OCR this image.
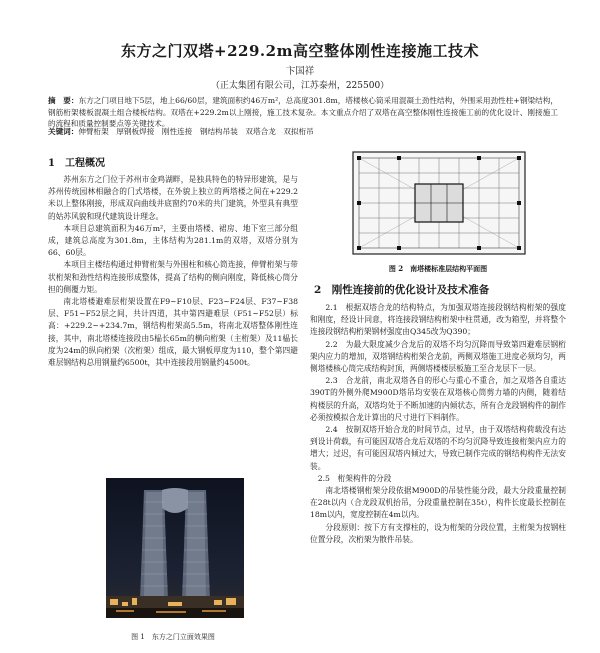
东方之门双塔+229.2m高空整体刚性连接施工技术
卞国祥
（正太集团有限公司，江苏泰州，225500）
摘　要：东方之门项目地下5层，地上66/60层，建筑面积约46万m²，总高度301.8m，塔楼核心筒采用混凝土劲性结构，外围采用劲性柱+钢梁结构，钢筋桁架楼板混凝土组合楼板结构。双塔在+229.2m以上刚接，施工技术复杂。本文重点介绍了双塔在高空整体刚性连接施工前的优化设计、刚接施工的流程和质量控制要点等关键技术。
关键词：伸臂桁架　厚钢板焊接　刚性连接　钢结构吊装　双塔合龙　双拟桁吊
1　工程概况

苏州东方之门位于苏州市金鸡湖畔，是独具特色的特异形建筑，是与苏州传统园林相融合的门式塔楼，在外貌上独立的两塔楼之间在+229.2米以上整体刚接，形成双向曲线井底窗约70米的共门建筑，外型具有典型的姑苏风貌和现代建筑设计理念。

本项目总建筑面积为46万m²，主要由塔楼、裙房、地下室三部分组成，建筑总高度为301.8m，主体结构为281.1m的双塔，双塔分别为66、60层。

本项目主楼结构通过伸臂桁架与外围柱和核心筒连接，伸臂桁架与带状桁架和劲性结构连接形成整体，提高了结构的侧向刚度，降低核心筒分担的侧覆力矩。

南北塔楼避难层桁架设置在F9~F10层、F23~F24层、F37~F38层、F51~F52层之间，共计四道，其中第四避难层（F51~F52层）标高：+229.2~+234.7m，钢结构桁架高5.5m，将南北双塔整体刚性连接，其中，南北塔楼连接段由5榀长65m的横向桁架（主桁架）及11榀长度为24m的纵向桁架（次桁架）组成，最大钢板厚度为110，整个第四避难层钢结构总用钢量约6500t，其中连接段用钢量约4500t。

图 1　东方之门立面效果图
图 2　南塔楼标准层结构平面图
2　刚性连接前的优化设计及技术准备

2.1　根据双塔合龙的结构特点，为加强双塔连接段钢结构桁架的强度和刚度，经设计同意，将连接段钢结构桁架中柱贯通，改为箱型，并将整个连接段钢结构桁架钢材强度由Q345改为Q390；

2.2　为最大限度减少合龙后的双塔不均匀沉降而导致第四避难层钢桁架内应力的增加，双塔钢结构桁架合龙前，两侧双塔施工进度必须均匀，两侧塔楼核心筒完成结构封顶，两侧塔楼楼层板施工至合龙层下一层。

2.3　合龙前，南北双塔各自的形心与重心不重合，加之双塔各自重达390T的外侧外爬M900D塔吊均安装在双塔核心筒剪力墙的内侧，随着结构楼层的升高，双塔均处于不断加速的内倾状态，所有合龙段钢构件的制作必须按模拟合龙计算出的尺寸进行下料制作。

2.4　按制双塔开始合龙的时间节点，过早，由于双塔结构荷载没有达到设计荷载，有可能因双塔合龙后双塔的不均匀沉降导致连接桁架内应力的增大；过迟，有可能因双塔内倾过大，导致已制作完成的钢结构构件无法安装。

2.5　桁架构件的分段

南北塔楼钢桁架分段依据M900D的吊装性能分段，最大分段重量控制在28t以内（合龙段双机抬吊，分段重量控制在35t），构件长度最长控制在18m以内，宽度控制在4m以内。

分段原则：按下方有支撑柱的，设为桁架的分段位置，主桁架为按钢柱位置分段，次桁架为散件吊装。
